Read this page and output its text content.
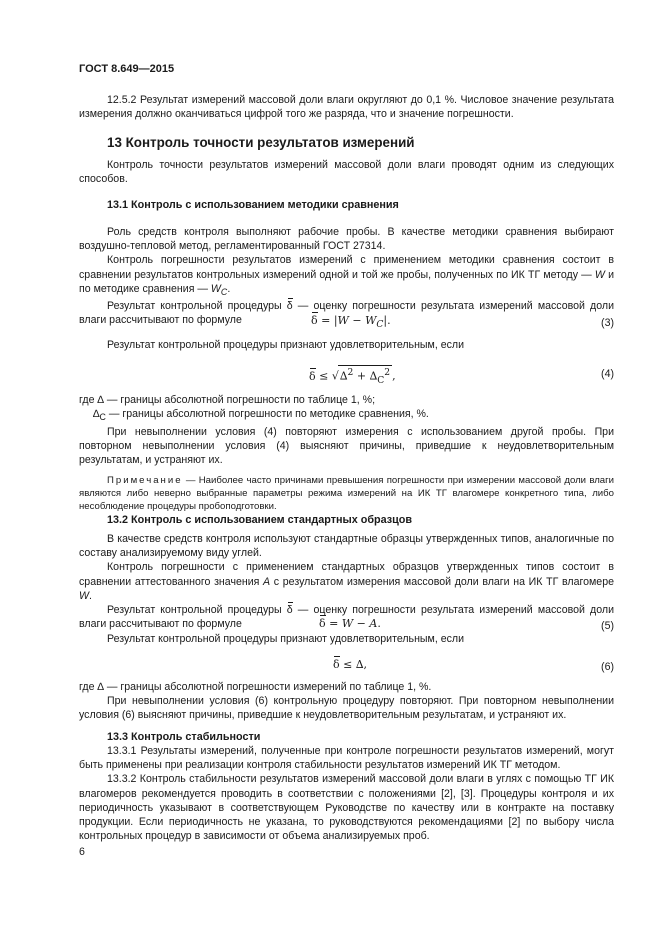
ГОСТ 8.649—2015
12.5.2 Результат измерений массовой доли влаги округляют до 0,1 %. Числовое значение результата измерения должно оканчиваться цифрой того же разряда, что и значение погрешности.
13 Контроль точности результатов измерений
Контроль точности результатов измерений массовой доли влаги проводят одним из следующих способов.
13.1 Контроль с использованием методики сравнения

Роль средств контроля выполняют рабочие пробы. В качестве методики сравнения выбирают воздушно-тепловой метод, регламентированный ГОСТ 27314.

Контроль погрешности результатов измерений с применением методики сравнения состоит в сравнении результатов контрольных измерений одной и той же пробы, полученных по ИК ТГ методу — W и по методике сравнения — $W_C$.

Результат контрольной процедуры δ — оценку погрешности результата измерений массовой доли влаги рассчитывают по формуле	$\delta = |W - W_C|$.	(3)
Результат контрольной процедуры признают удовлетворительным, если
$\delta \le √\Delta^2 + \Delta_C^2$ ,	(4)

где ∆ — границы абсолютной погрешности по таблице 1, %;

$\Delta_C$ — границы абсолютной погрешности по методике сравнения, %.

При невыполнении условия (4) повторяют измерения с использованием другой пробы. При повторном невыполнении условия (4) выясняют причины, приведшие к неудовлетворительным результатам, и устраняют их.

Примечание — Наиболее часто причинами превышения погрешности при измерении массовой доли влаги являются либо неверно выбранные параметры режима измерений на ИК ТГ влагомере конкретного типа, либо несоблюдение процедуры пробоподготовки.

13.2 Контроль с использованием стандартных образцов

В качестве средств контроля используют стандартные образцы утвержденных типов, аналогичные по составу анализируемому виду углей.

Контроль погрешности с применением стандартных образцов утвержденных типов состоит в сравнении аттестованного значения A с результатом измерения массовой доли влаги на ИК ТГ влагомере W.

Результат контрольной процедуры δ — оценку погрешности результата измерений массовой доли влаги рассчитывают по формуле	δ = W − A.	(5)
Результат контрольной процедуры признают удовлетворительным, если
δ ≤ ∆,	(6)

где ∆ — границы абсолютной погрешности измерений по таблице 1, %.

При невыполнении условия (6) контрольную процедуру повторяют. При повторном невыполнении условия (6) выясняют причины, приведшие к неудовлетворительным результатам, и устраняют их.

13.3 Контроль стабильности

13.3.1 Результаты измерений, полученные при контроле погрешности результатов измерений, могут быть применены при реализации контроля стабильности результатов измерений ИК ТГ методом.

13.3.2 Контроль стабильности результатов измерений массовой доли влаги в углях с помощью ТГ ИК влагомеров рекомендуется проводить в соответствии с положениями [2], [3]. Процедуры контроля и их периодичность указывают в соответствующем Руководстве по качеству или в контракте на поставку продукции. Если периодичность не указана, то руководствуются рекомендациями [2] по выбору числа контрольных процедур в зависимости от объема анализируемых проб.

6
